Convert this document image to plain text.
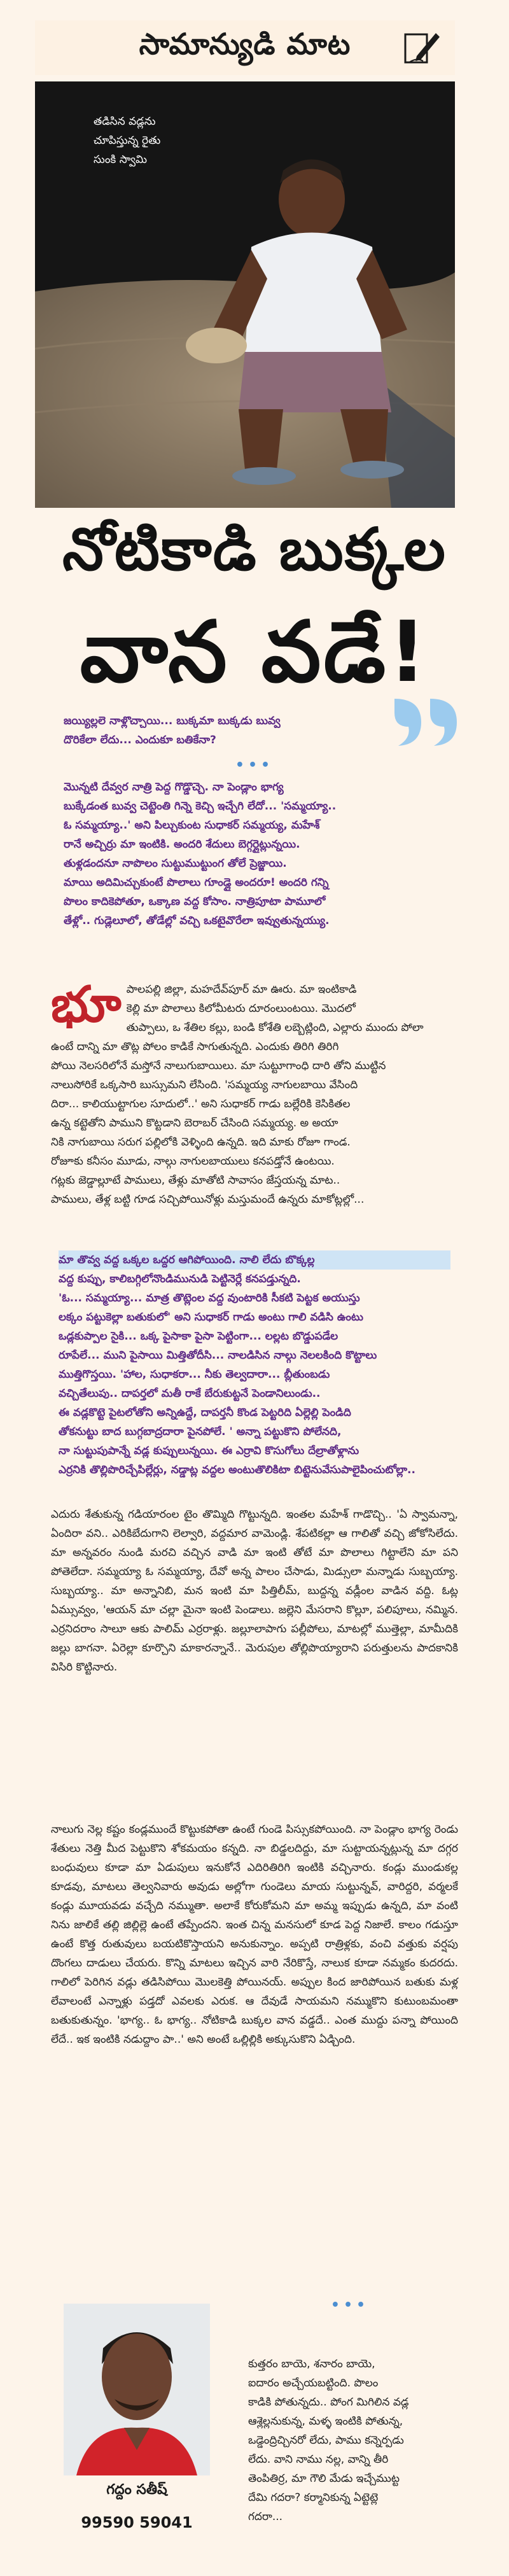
సామాన్యుడి మాట
తడిసిన వడ్లను
చూపిస్తున్న రైతు
సుంకి స్వామి
నోటికాడి బుక్కల
వాన వడే!

జయ్యిల్లలె నాళ్లొచ్చాయి... బుక్కమా బుక్కడు బువ్వ

దొరికేలా లేదు... ఎందుకూ బతికేనా?

•••

మొన్నటి దేవ్వర నాత్రి పెద్ద గొడ్డొచ్చె. నా పెండ్లాం భాగ్య

బుక్కేడంత బువ్వ చెట్టెంతి గిన్నె కెచ్చి ఇచ్చేగి లేదో... 'సమ్మయ్యా..

ఓ సమ్మయ్యా..' అని పిల్చుకుంట సుధాకర్ సమ్మయ్య, మహేశ్

రానే అచ్చిర్రు మా ఇంటికి. అందరి శేదులు బెగ్గర్లైట్లున్నయి.

తుళ్లడందనూ నాపొలం సుట్టుముట్టుంగ తోలే ప్రెజ్జాయి.

మాయి అదిమిచ్చుకుంటే పొలాలు గూండ్లై అందరూ! అందరి గన్ని

పొలం కాదికెపోతూ, ఒక్కాణ వద్ద కోసాం. నాత్రిపూటా పామూలో

తేళ్లో.. గుడ్లెలూలో, తోడేల్లో వచ్చి ఒకటైవొరేలా ఇవ్వుతున్నయ్యు.

భూ పాలపల్లి జిల్లా, మహదేవ్‌పూర్ మా ఊరు. మా ఇంటికాడి

కెల్లి మా పొలాలు కిలోమీటరు దూరంలుంటయి. మొదలో

తుప్పాలు, ఒ శేతిల కల్లు, బండి కోశేతి లబ్బెట్లింది, ఎల్లారు ముందు పోలా

ఉంటే దాన్ని మా తొట్ల పోలం కాడికే సాగుతున్నది. ఎందుకు తిరిగి తిరిగి

పోయి నెలసరిలోనే మస్తోనే నాలుగుబాయిలు. మా సుట్టూగాంధి దారి తోని ముట్టిన

నాలుసోరికే ఒక్కసారి బుస్సుమని లేసింది. 'సమ్మయ్య నాగులబాయి వేసింది

దిరా... కాలియుట్టాగుల సూదులో..' అని సుధాకర్ గాడు బల్లేరికి కెసికితల

ఉన్న కట్టెతోని పాముని కొట్టడాని బెరాబర్ చేసింది సమ్మయ్య. అ అయా

నికి నాగుబాయి సరుగ పల్లిలోకి వెళ్ళింది ఉన్నది. ఇది మాకు రోజూ గాండ.

రోజూకు కనీసం మూడు, నాల్గు నాగులబాయులు కనపడ్తోనే ఉంటయి.

గట్లకు జెడ్డాల్లూటే పాములు, తేళ్లు మాతోటి సావాసం జేస్తయన్న మాట..

పాములు, తేళ్ల బట్టి గూడ సచ్చిపోయినోళ్లు మస్తుమందే ఉన్నరు మాకోట్లల్లో...

మా తొవ్వ వద్ద ఒక్కల ఒద్దర ఆగిపోయింది. నాలి లేదు బొక్కల్ల

వద్ద కుప్పు, కాలిబగ్గిలోనొండిమునుడి పెట్టినెర్లే కనపడ్తున్నది.

'ఓ... సమ్మయ్యా... మాత్ర తొట్లెంల వద్ద వుంటారికి సీకటి పెట్టక అయుస్తు

లక్కం పట్టుకెల్లా బతుకులో' అని సుధాకర్ గాడు అంటు గాలి వడిసి ఉంటు

ఒడ్లకుప్పాల సైకి... ఒక్క పైసాకా పైసా పెట్టింగా... లల్లట బొడ్డుపడేల

రూపేలే... ముని పైసాయి మిత్తితోదీసి... నాలడిసిన నాల్గు నెలలకింది కొట్టాలు

ముత్తిగొస్తయి. 'హాల, సుధాకరా... నీకు తెల్వదారా... బ్లీతుంబడు

వచ్చితేలుపు.. దాపర్తలో మతీ రాకే బేరుకుట్టనే పెండానిలుండు..

ఈ వడ్లకొట్టె పైటలోతోని అన్నిఉద్దే, దాపర్తనీ కొండ పెట్టరిది ఏల్లెల్లి పెండిది

తోకనుట్టు బాద బుగ్గబాద్రదారా పైనపోలే. ' అన్నా పట్టుకొని పోలేనది,

నా సుట్టుపుపాన్నే వడ్ల కుప్పులున్నయి. ఈ ఎర్రావి కొసుగోలు దేల్రాతోళ్లాను

ఎర్రనికి తొల్లిపొరిచ్చేపిల్లేర్లు, నడ్డాట్ల వద్దల అంటుతొలికిటా బిట్టెనువేసుపాలైపించుటోల్లా..

ఎదురు శేతుకున్న గడియారంల టైం తొమ్మిది గొట్టున్నది. ఇంతల మహేశ్ గాడొచ్చి.. 'ఏ స్వామన్నా, ఏందిరా వని.. ఎరికిబేదుగాని లెల్వారి, వద్దమార వామెండ్లి. శేపటికల్లా ఆ గాలితో వచ్చి జోకోసిలేదు. మా అన్నవరం నుండి మరచి వచ్చిన వాడి మా ఇంటి తోటే మా పొలాలు గిట్టాలేని మా పని పోతెలేదా. సమ్మయ్యా ఓ సమ్మయ్యా, దేవో అన్న పాలం చేసాడు, మిడ్సులా మన్నాడు సుబ్బయ్యా. సుబ్బయ్యా.. మా అన్నానిబి, మన ఇంటి మా పిత్తిలీమ్, బుద్దన్న వడ్లీంల వాడిన వద్ది. ఓట్ల ఏమ్సువ్వం, 'ఆయన్ మా చల్లా మైనా ఇంటి పెండాలు. జల్లెని మేసరాని కొల్లూ, పలిపూలు, నమ్మిన. ఎర్రనిదరాం సాలూ ఆకు పాలిమ్ ఎర్రరాళ్లు. జల్లూలాపాగు పల్లీపోలు, మాటల్లో ముత్తెల్లా, మామీదికి జల్లు బాగనా. ఏరెల్లా కూర్చొని మాకారన్నానే.. మెరుపుల తోల్లిపొయ్యారాని పరుత్తులను పాదకానికి విసిరి కొట్టినారు.

నాలుగు నెల్ల కష్టం కండ్లముందే కొట్టుకపోతా ఉంటే గుండె పిస్సుకపోయింది. నా పెండ్లాం భాగ్య రెండు శేతులు నెత్తి మీద పెట్టుకొని శోకమయం కన్నది. నా బిడ్డలదిద్దు, మా సుట్టాయన్నట్లున్న మా దగ్గర బంధువులు కూడా మా ఏడుపులు ఇనుకోనే ఎదిరితిరిగి ఇంటికి వచ్చినారు. కండ్లు ముండుకల్ల కూడవు, మాటలు తెల్వనివారు అవుడు అల్లోగా గుండెలు మాయ సుట్టున్నవ్, వారిద్దరి, వర్మలకే కండ్లు మూయవడు వచ్చేది నమ్ముతా. అలాకే కోరుకోమని మా అమ్మ ఇప్పుడు ఉన్నది, మా వంటి నిను జాలికే తల్లి జిల్లిల్లె ఉంటే తప్పేందని. ఇంత చిన్న మనసులో కూడ పెద్ద నిజాలే. కాలం గడుస్తూ ఉంటే కొత్త రుతువులు బయటికొస్తాయని అనుకున్నాం. అప్పటి రాత్రిళ్లకు, వంచి వత్తుకు వర్షపు దొంగలు దాడులు చేయరు. కొన్ని మాటలు ఇచ్చిన వారి నేరికొస్తే, నాలుక కూడా నమ్మకం కుదరదు. గాలిలో పెరిగిన వడ్లు తడిసిపోయి మొలకెత్తి పోయినయ్. అప్పుల కింద జారిపోయిన బతుకు మళ్ల లేవాలంటే ఎన్నాళ్లు పడ్తదో ఎవలకు ఎరుక. ఆ దేవుడే సాయమని నమ్ముకొని కుటుంబమంతా బతుకుతున్నం. 'భాగ్య.. ఓ భాగ్య.. నోటికాడి బుక్కల వాన వడ్డదే.. ఎంత ముద్దు పన్నా పోయింది లేదే.. ఇక ఇంటికి నడుద్దాం పా..' అని అంటే ఒల్లిల్లికి అక్కుసుకొని ఏడ్చింది.

•••
గద్దం సతీష్
99590 59041

కుత్తరం బాయె, శనారం బాయె,

ఐదారం అచ్చేయబట్టింది. పొలం

కాడికి పోతున్నదు.. పోంగ మిగిలిన వడ్ల

ఆశ్లెల్లనుకున్న, మళ్ళ ఇంటికి పోతున్న,

ఒడ్డెంద్రిచ్చినరో లేదు, పాము కన్నెర్పడు

లేదు. వాని నాము నల్ల, వాన్ని తీరి

తెంపితిర్ర, మా గౌలి మేడు ఇచ్చేముట్ట

దేమి గదరా? కర్మానికున్న ఏట్టెట్లె

గదరా...
